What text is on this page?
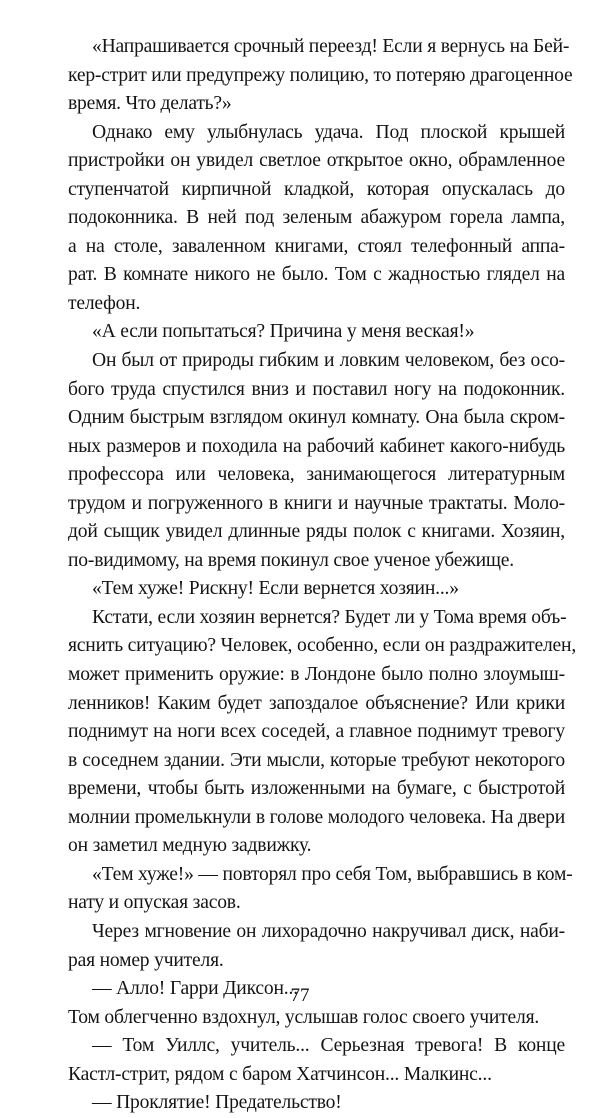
«Напрашивается срочный переезд! Если я вернусь на Бей-
кер-стрит или предупрежу полицию, то потеряю драгоценное
время. Что делать?»
Однако ему улыбнулась удача. Под плоской крышей
пристройки он увидел светлое открытое окно, обрамленное
ступенчатой кирпичной кладкой, которая опускалась до
подоконника. В ней под зеленым абажуром горела лампа,
а на столе, заваленном книгами, стоял телефонный аппа-
рат. В комнате никого не было. Том с жадностью глядел на
телефон.
«А если попытаться? Причина у меня веская!»
Он был от природы гибким и ловким человеком, без осо-
бого труда спустился вниз и поставил ногу на подоконник.
Одним быстрым взглядом окинул комнату. Она была скром-
ных размеров и походила на рабочий кабинет какого-нибудь
профессора или человека, занимающегося литературным
трудом и погруженного в книги и научные трактаты. Моло-
дой сыщик увидел длинные ряды полок с книгами. Хозяин,
по-видимому, на время покинул свое ученое убежище.
«Тем хуже! Рискну! Если вернется хозяин...»
Кстати, если хозяин вернется? Будет ли у Тома время объ-
яснить ситуацию? Человек, особенно, если он раздражителен,
может применить оружие: в Лондоне было полно злоумыш-
ленников! Каким будет запоздалое объяснение? Или крики
поднимут на ноги всех соседей, а главное поднимут тревогу
в соседнем здании. Эти мысли, которые требуют некоторого
времени, чтобы быть изложенными на бумаге, с быстротой
молнии промелькнули в голове молодого человека. На двери
он заметил медную задвижку.
«Тем хуже!» — повторял про себя Том, выбравшись в ком-
нату и опуская засов.
Через мгновение он лихорадочно накручивал диск, наби-
рая номер учителя.
— Алло! Гарри Диксон...
Том облегченно вздохнул, услышав голос своего учителя.
— Том Уиллс, учитель... Серьезная тревога! В конце
Кастл-стрит, рядом с баром Хатчинсон... Малкинс...
— Проклятие! Предательство!
77
